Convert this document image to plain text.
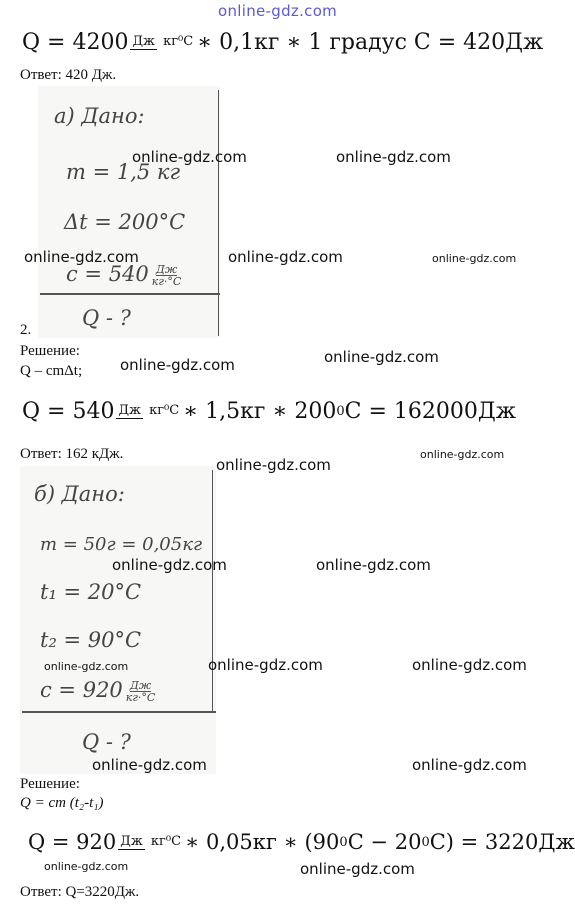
online-gdz.com
Q = 4200 Дж кг⁰С ∗ 0,1кг ∗ 1 градус С = 420Дж
Ответ: 420 Дж.
а) Дано:
m = 1,5 кг
Δt = 200°C
$c = 540 \frac{Дж}{кг\cdot^\circ С}$
Q - ?
online-gdz.com	online-gdz.com
online-gdz.com	online-gdz.com	online-gdz.com
2.
Решение:
Q – cmΔt;	online-gdz.com	online-gdz.com
Q = 540 Дж кг⁰С ∗ 1,5кг ∗ 200 0 С = 162000Дж
Ответ: 162 кДж.
online-gdz.com
online-gdz.com
б) Дано:
m = 50г = 0,05кг
t₁ = 20°C
t₂ = 90°C
$c = 920 \frac{Дж}{кг\cdot^\circ С}$
Q - ?
online-gdz.com	online-gdz.com
online-gdz.com	online-gdz.com	online-gdz.com
online-gdz.com	online-gdz.com
Решение:
Q = cm (t₂-t₁)
Q = 920 Дж кг⁰С ∗ 0,05кг ∗ (90 0 С − 20 0 С) = 3220Дж
online-gdz.com	online-gdz.com
Ответ: Q=3220Дж.
